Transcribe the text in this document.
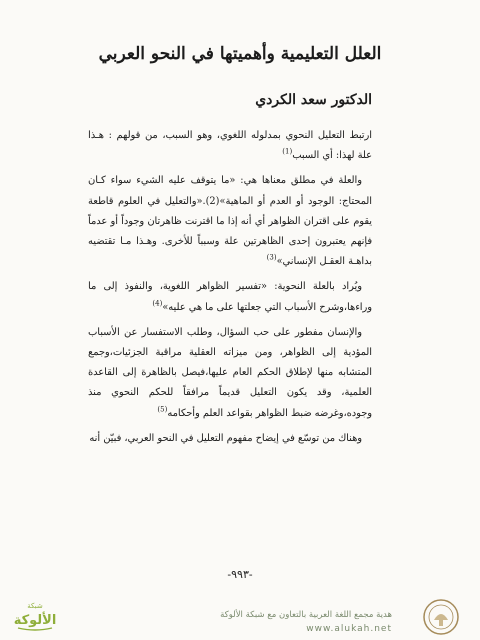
العلل التعليمية وأهميتها في النحو العربي
الدكتور سعد الكردي

ارتبط التعليل النحوي بمدلوله اللغوي، وهو السبب، من قولهم : هـذا علة لهذا: أي السبب$^{(1)}$

والعلة في مطلق معناها هي: «ما يتوقف عليه الشيء سواء كـان المحتاج: الوجود أو العدم أو الماهية»(2).«والتعليل في العلوم قاطعة يقوم على اقتران الظواهر أي أنه إذا ما اقترنت ظاهرتان وجوداً أو عدماً فإنهم يعتبرون إحدى الظاهرتين علة وسبباً للأخرى. وهـذا مـا تقتضيه بداهـة العقـل الإنساني»$^{(3)}$

ويُراد بالعلة النحوية: «تفسير الظواهر اللغوية، والنفوذ إلى ما وراءها،وشرح الأسباب التي جعلتها على ما هي عليه»$^{(4)}$

والإنسان مفطور على حب السؤال، وطلب الاستفسار عن الأسباب المؤدية إلى الظواهر، ومن ميزاته العقلية مراقبة الجزئيات،وجمع المتشابه منها لإطلاق الحكم العام عليها،فيصل بالظاهرة إلى القاعدة العلمية، وقد يكون التعليل قديماً مرافقاً للحكم النحوي منذ وجوده،وغرضه ضبط الظواهر بقواعد العلم وأحكامه$^{(5)}$

وهناك من توسّع في إيضاح مفهوم التعليل في النحو العربي، فبيّن أنه

-٩٩٣-
شبكة
الألوكة	هدية مجمع اللغة العربية بالتعاون مع شبكة الألوكة
www.alukah.net
